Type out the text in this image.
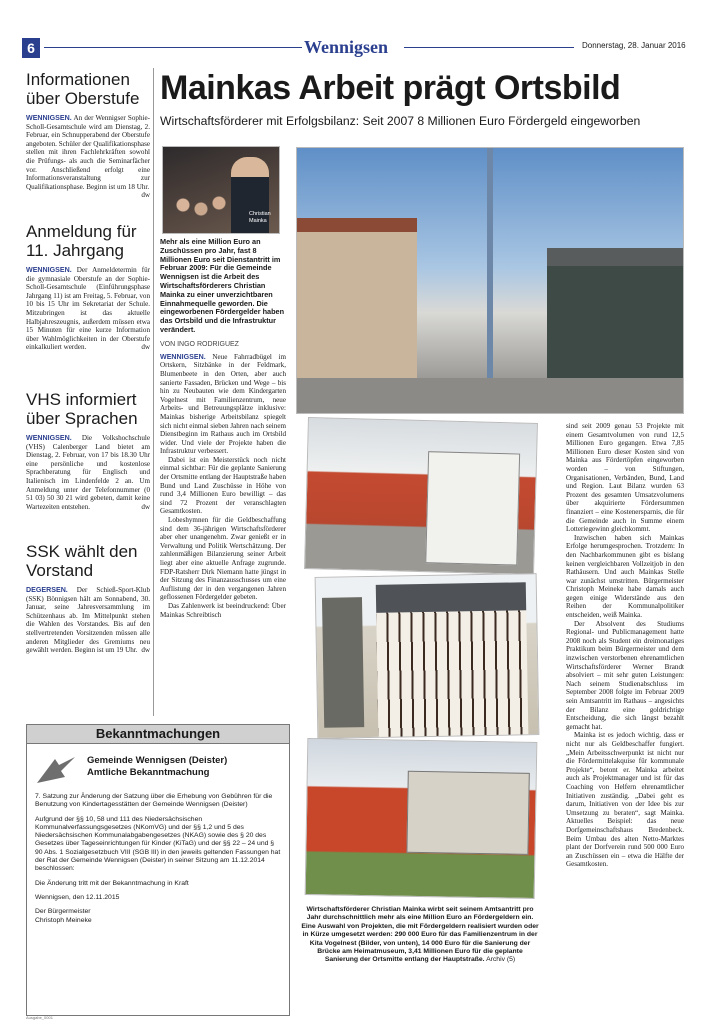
6	Wennigsen	Donnerstag, 28. Januar 2016
Informationen über Oberstufe

WENNIGSEN. An der Wennigser Sophie-Scholl-Gesamtschule wird am Dienstag, 2. Februar, ein Schnupperabend der Oberstufe angeboten. Schüler der Qualifikationsphase stellen mit ihren Fachlehrkräften sowohl die Prüfungs- als auch die Seminarfächer vor. Anschließend erfolgt eine Informationsveranstaltung zur Qualifikationsphase. Beginn ist um 18 Uhr.
dw

Anmeldung für 11. Jahrgang

WENNIGSEN. Der Anmeldetermin für die gymnasiale Oberstufe an der Sophie-Scholl-Gesamtschule (Einführungsphase Jahrgang 11) ist am Freitag, 5. Februar, von 10 bis 15 Uhr im Sekretariat der Schule. Mitzubringen ist das aktuelle Halbjahreszeugnis, außerdem müssen etwa 15 Minuten für eine kurze Information über Wahlmöglichkeiten in der Oberstufe einkalkuliert werden.	dw

VHS informiert über Sprachen

WENNIGSEN. Die Volkshochschule (VHS) Calenberger Land bietet am Dienstag, 2. Februar, von 17 bis 18.30 Uhr eine persönliche und kostenlose Sprachberatung für Englisch und Italienisch im Lindenfelde 2 an. Um Anmeldung unter der Telefonnummer (0 51 03) 50 30 21 wird gebeten, damit keine Wartezeiten entstehen.	dw

SSK wählt den Vorstand

DEGERSEN. Der Schieß-Sport-Klub (SSK) Bönnigsen hält am Sonnabend, 30. Januar, seine Jahresversammlung im Schützenhaus ab. Im Mittelpunkt stehen die Wahlen des Vorstandes. Bis auf den stellvertretenden Vorsitzenden müssen alle anderen Mitglieder des Gremiums neu gewählt werden. Beginn ist um 19 Uhr. dw

Mainkas Arbeit prägt Ortsbild
Wirtschaftsförderer mit Erfolgsbilanz: Seit 2007 8 Millionen Euro Fördergeld eingeworben
Christian Mainka
Wirtschaftsförderer Christian Mainka wirbt seit seinem Amtsantritt pro Jahr durchschnittlich mehr als eine Million Euro an Fördergeldern ein. Eine Auswahl von Projekten, die mit Fördergeldern realisiert wurden oder in Kürze umgesetzt werden: 290 000 Euro für das Familienzentrum in der Kita Vogelnest (Bilder, von unten), 14 000 Euro für die Sanierung der Brücke am Heimatmuseum, 3,41 Millionen Euro für die geplante Sanierung der Ortsmitte entlang der Hauptstraße. Archiv (5)

Mehr als eine Million Euro an Zuschüssen pro Jahr, fast 8 Millionen Euro seit Dienstantritt im Februar 2009: Für die Gemeinde Wennigsen ist die Arbeit des Wirtschaftsförderers Christian Mainka zu einer unverzichtbaren Einnahmequelle geworden. Die eingeworbenen Fördergelder haben das Ortsbild und die Infrastruktur verändert.

VON INGO RODRIGUEZ

WENNIGSEN. Neue Fahrradbügel im Ortskern, Sitzbänke in der Feldmark, Blumenbeete in den Orten, aber auch sanierte Fassaden, Brücken und Wege – bis hin zu Neubauten wie dem Kindergarten Vogelnest mit Familienzentrum, neue Arbeits- und Betreuungsplätze inklusive: Mainkas bisherige Arbeitsbilanz spiegelt sich nicht einmal sieben Jahren nach seinem Dienstbeginn im Rathaus auch im Ortsbild wider. Und viele der Projekte haben die Infrastruktur verbessert.

Dabei ist ein Meisterstück noch nicht einmal sichtbar: Für die geplante Sanierung der Ortsmitte entlang der Hauptstraße haben Bund und Land Zuschüsse in Höhe von rund 3,4 Millionen Euro bewilligt – das sind 72 Prozent der veranschlagten Gesamtkosten.

Lobeshymnen für die Geldbeschaffung sind dem 36-jährigen Wirtschaftsförderer aber eher unangenehm. Zwar genießt er in Verwaltung und Politik Wertschätzung. Der zahlenmäßigen Bilanzierung seiner Arbeit liegt aber eine aktuelle Anfrage zugrunde. FDP-Ratsherr Dirk Niemann hatte jüngst in der Sitzung des Finanzausschusses um eine Auflistung der in den vergangenen Jahren geflossenen Fördergelder gebeten.

Das Zahlenwerk ist beeindruckend: Über Mainkas Schreibtisch

sind seit 2009 genau 53 Projekte mit einem Gesamtvolumen von rund 12,5 Millionen Euro gegangen. Etwa 7,85 Millionen Euro dieser Kosten sind von Mainka aus Fördertöpfen eingeworben worden – von Stiftungen, Organisationen, Verbänden, Bund, Land und Region. Laut Bilanz wurden 63 Prozent des gesamten Umsatzvolumens über akquirierte Fördersummen finanziert – eine Kostenersparnis, die für die Gemeinde auch in Summe einem Lotteriegewinn gleichkommt.

Inzwischen haben sich Mainkas Erfolge herumgesprochen. Trotzdem: In den Nachbarkommunen gibt es bislang keinen vergleichbaren Vollzeitjob in den Rathäusern. Und auch Mainkas Stelle war zunächst umstritten. Bürgermeister Christoph Meineke habe damals auch gegen einige Widerstände aus den Reihen der Kommunalpolitiker entscheiden, weiß Mainka.

Der Absolvent des Studiums Regional- und Publicmanagement hatte 2008 noch als Student ein dreimonatiges Praktikum beim Bürgermeister und dem inzwischen verstorbenen ehrenamtlichen Wirtschaftsförderer Werner Brandt absolviert – mit sehr guten Leistungen: Nach seinem Studienabschluss im September 2008 folgte im Februar 2009 sein Amtsantritt im Rathaus – angesichts der Bilanz eine goldrichtige Entscheidung, die sich längst bezahlt gemacht hat.

Mainka ist es jedoch wichtig, dass er nicht nur als Geldbeschaffer fungiert. „Mein Arbeitsschwerpunkt ist nicht nur die Fördermittelakquise für kommunale Projekte“, betont er. Mainka arbeitet auch als Projektmanager und ist für das Coaching von Helfern ehrenamtlicher Initiativen zuständig. „Dabei geht es darum, Initiativen von der Idee bis zur Umsetzung zu beraten“, sagt Mainka. Aktuelles Beispiel: das neue Dorfgemeinschaftshaus Bredenbeck. Beim Umbau des alten Netto-Marktes plant der Dorfverein rund 500 000 Euro an Zuschüssen ein – etwa die Hälfte der Gesamtkosten.

Bekanntmachungen
Gemeinde Wennigsen (Deister)
Amtliche Bekanntmachung

7. Satzung zur Änderung der Satzung über die Erhebung von Gebühren für die Benutzung von Kindertagesstätten der Gemeinde Wennigsen (Deister)

Aufgrund der §§ 10, 58 und 111 des Niedersächsischen Kommunalverfassungsgesetzes (NKomVG) und der §§ 1,2 und 5 des Niedersächsischen Kommunalabgabengesetzes (NKAG) sowie des § 20 des Gesetzes über Tageseinrichtungen für Kinder (KiTaG) und der §§ 22 – 24 und § 90 Abs. 1 Sozialgesetzbuch VIII (SGB III) in den jeweils geltenden Fassungen hat der Rat der Gemeinde Wennigsen (Deister) in seiner Sitzung am 11.12.2014 beschlossen:

Die Änderung tritt mit der Bekanntmachung in Kraft

Wennigsen, den 12.11.2015

Der Bürgermeister

Christoph Meineke

Ausgabe_0001
